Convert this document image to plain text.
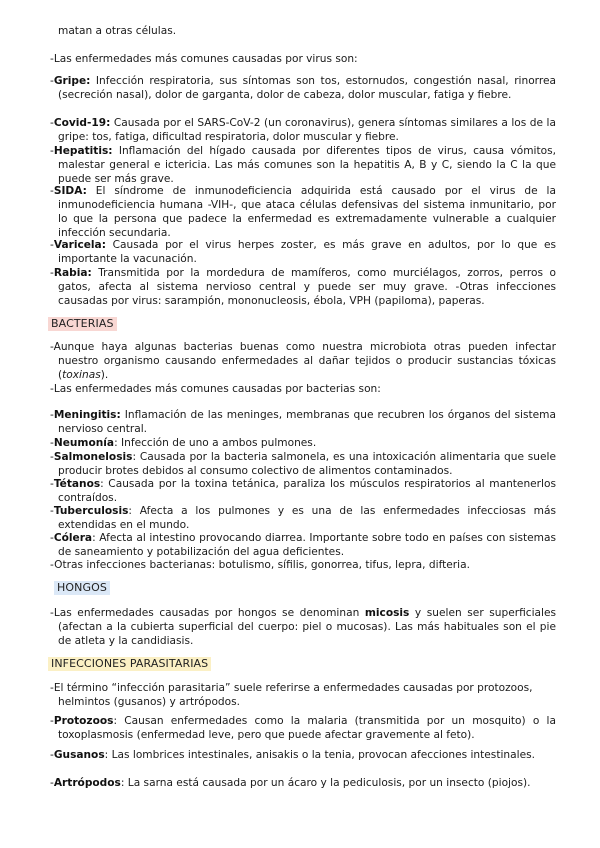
matan a otras células.
-Las enfermedades más comunes causadas por virus son:
-Gripe: Infección respiratoria, sus síntomas son tos, estornudos, congestión nasal, rinorrea (secreción nasal), dolor de garganta, dolor de cabeza, dolor muscular, fatiga y fiebre.
-Covid-19: Causada por el SARS-CoV-2 (un coronavirus), genera síntomas similares a los de la gripe: tos, fatiga, dificultad respiratoria, dolor muscular y fiebre.
-Hepatitis: Inflamación del hígado causada por diferentes tipos de virus, causa vómitos, malestar general e ictericia. Las más comunes son la hepatitis A, B y C, siendo la C la que puede ser más grave.
-SIDA: El síndrome de inmunodeficiencia adquirida está causado por el virus de la inmunodeficiencia humana -VIH-, que ataca células defensivas del sistema inmunitario, por lo que la persona que padece la enfermedad es extremadamente vulnerable a cualquier infección secundaria.
-Varicela: Causada por el virus herpes zoster, es más grave en adultos, por lo que es importante la vacunación.
-Rabia: Transmitida por la mordedura de mamíferos, como murciélagos, zorros, perros o gatos, afecta al sistema nervioso central y puede ser muy grave. -Otras infecciones causadas por virus: sarampión, mononucleosis, ébola, VPH (papiloma), paperas.
BACTERIAS
-Aunque haya algunas bacterias buenas como nuestra microbiota otras pueden infectar nuestro organismo causando enfermedades al dañar tejidos o producir sustancias tóxicas (toxinas).
-Las enfermedades más comunes causadas por bacterias son:
-Meningitis: Inflamación de las meninges, membranas que recubren los órganos del sistema nervioso central.
-Neumonía: Infección de uno a ambos pulmones.
-Salmonelosis: Causada por la bacteria salmonela, es una intoxicación alimentaria que suele producir brotes debidos al consumo colectivo de alimentos contaminados.
-Tétanos: Causada por la toxina tetánica, paraliza los músculos respiratorios al mantenerlos contraídos.
-Tuberculosis: Afecta a los pulmones y es una de las enfermedades infecciosas más extendidas en el mundo.
-Cólera: Afecta al intestino provocando diarrea. Importante sobre todo en países con sistemas de saneamiento y potabilización del agua deficientes.
-Otras infecciones bacterianas: botulismo, sífilis, gonorrea, tifus, lepra, difteria.
HONGOS
-Las enfermedades causadas por hongos se denominan micosis y suelen ser superficiales (afectan a la cubierta superficial del cuerpo: piel o mucosas). Las más habituales son el pie de atleta y la candidiasis.
INFECCIONES PARASITARIAS
-El término “infección parasitaria” suele referirse a enfermedades causadas por protozoos, helmintos (gusanos) y artrópodos.
-Protozoos: Causan enfermedades como la malaria (transmitida por un mosquito) o la toxoplasmosis (enfermedad leve, pero que puede afectar gravemente al feto).
-Gusanos: Las lombrices intestinales, anisakis o la tenia, provocan afecciones intestinales.
-Artrópodos: La sarna está causada por un ácaro y la pediculosis, por un insecto (piojos).
